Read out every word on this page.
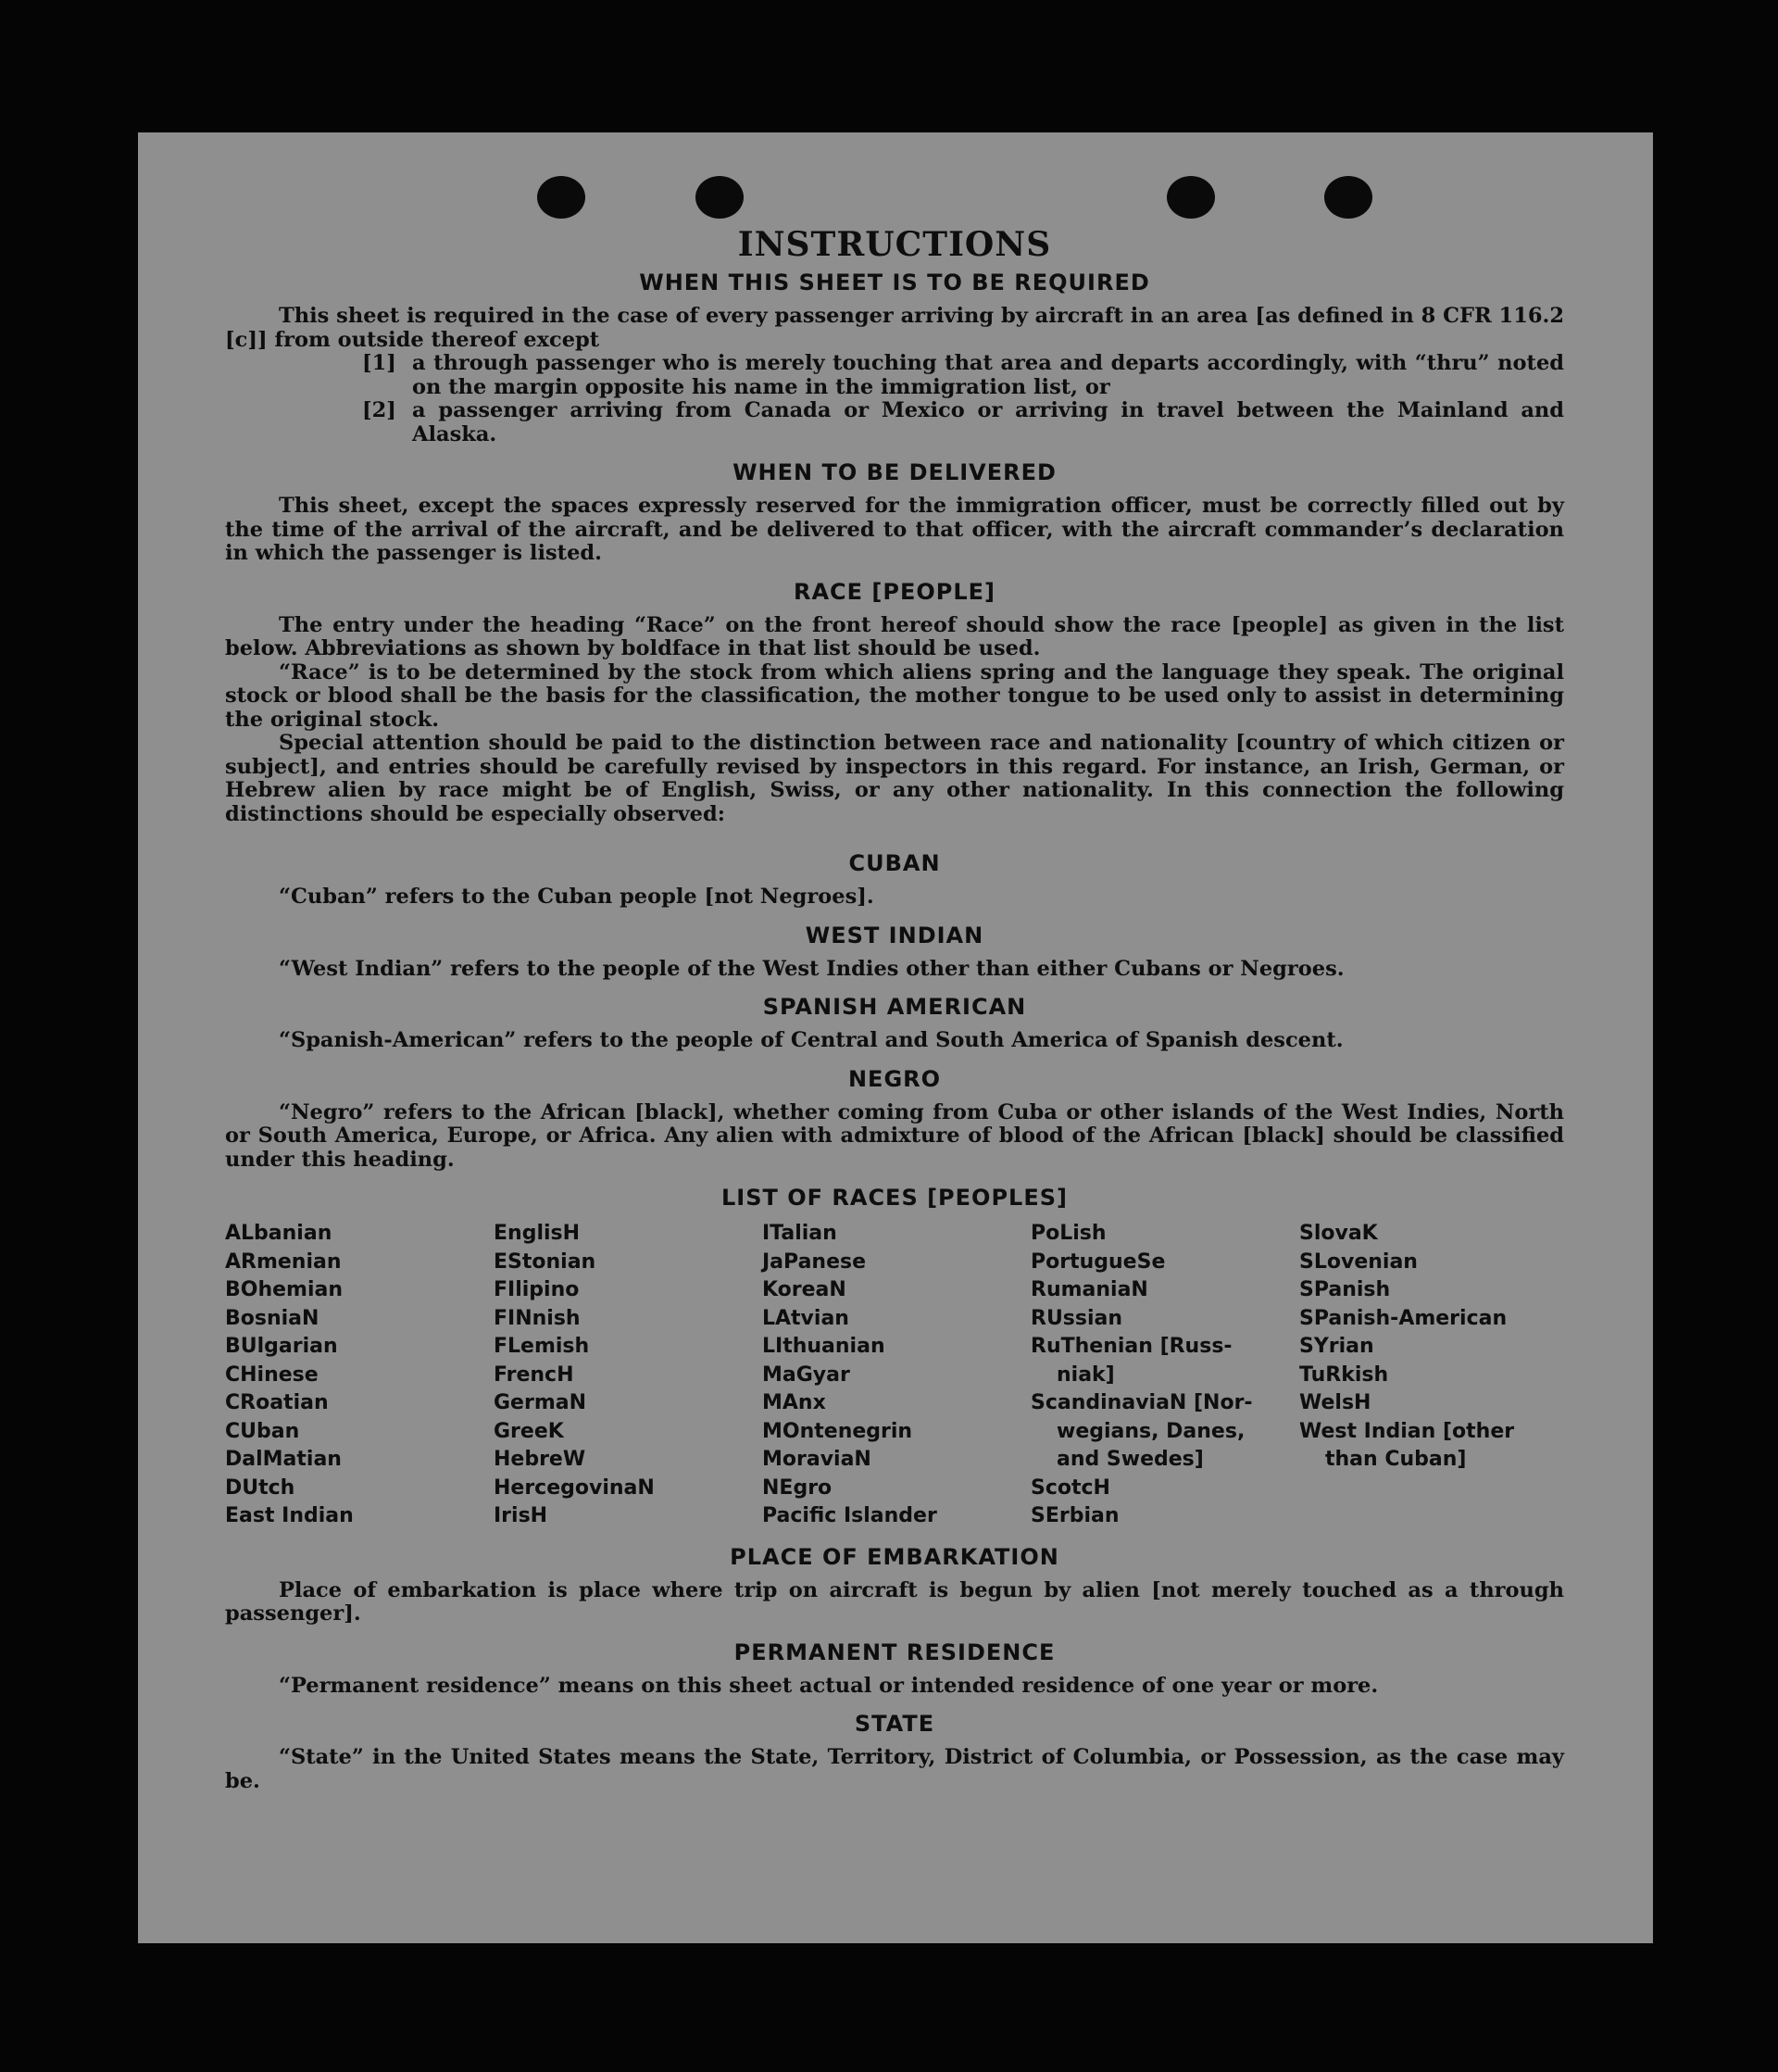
INSTRUCTIONS
WHEN THIS SHEET IS TO BE REQUIRED

This sheet is required in the case of every passenger arriving by aircraft in an area [as defined in 8 CFR 116.2 [c]] from outside thereof except

[1] a through passenger who is merely touching that area and departs accordingly, with “thru” noted on the margin opposite his name in the immigration list, or

[2] a passenger arriving from Canada or Mexico or arriving in travel between the Mainland and Alaska.

WHEN TO BE DELIVERED

This sheet, except the spaces expressly reserved for the immigration officer, must be correctly filled out by the time of the arrival of the aircraft, and be delivered to that officer, with the aircraft commander’s declaration in which the passenger is listed.

RACE [PEOPLE]

The entry under the heading “Race” on the front hereof should show the race [people] as given in the list below. Abbreviations as shown by boldface in that list should be used.

“Race” is to be determined by the stock from which aliens spring and the language they speak. The original stock or blood shall be the basis for the classification, the mother tongue to be used only to assist in determining the original stock.

Special attention should be paid to the distinction between race and nationality [country of which citizen or subject], and entries should be carefully revised by inspectors in this regard. For instance, an Irish, German, or Hebrew alien by race might be of English, Swiss, or any other nationality. In this connection the following distinctions should be especially observed:

CUBAN

“Cuban” refers to the Cuban people [not Negroes].

WEST INDIAN

“West Indian” refers to the people of the West Indies other than either Cubans or Negroes.

SPANISH AMERICAN

“Spanish-American” refers to the people of Central and South America of Spanish descent.

NEGRO

“Negro” refers to the African [black], whether coming from Cuba or other islands of the West Indies, North or South America, Europe, or Africa. Any alien with admixture of blood of the African [black] should be classified under this heading.

LIST OF RACES [PEOPLES]
ALbanian
ARmenian
BOhemian
BosniaN
BUlgarian
CHinese
CRoatian
CUban
DalMatian
DUtch
East Indian
EnglisH
EStonian
FIlipino
FINnish
FLemish
FrencH
GermaN
GreeK
HebreW
HercegovinaN
IrisH
ITalian
JaPanese
KoreaN
LAtvian
LIthuanian
MaGyar
MAnx
MOntenegrin
MoraviaN
NEgro
Pacific Islander
PoLish
PortugueSe
RumaniaN
RUssian
RuThenian [Russ-
niak]
ScandinaviaN [Nor-
wegians, Danes,
and Swedes]
ScotcH
SErbian
SlovaK
SLovenian
SPanish
SPanish-American
SYrian
TuRkish
WelsH
West Indian [other
than Cuban]
PLACE OF EMBARKATION

Place of embarkation is place where trip on aircraft is begun by alien [not merely touched as a through passenger].

PERMANENT RESIDENCE

“Permanent residence” means on this sheet actual or intended residence of one year or more.

STATE

“State” in the United States means the State, Territory, District of Columbia, or Possession, as the case may be.
